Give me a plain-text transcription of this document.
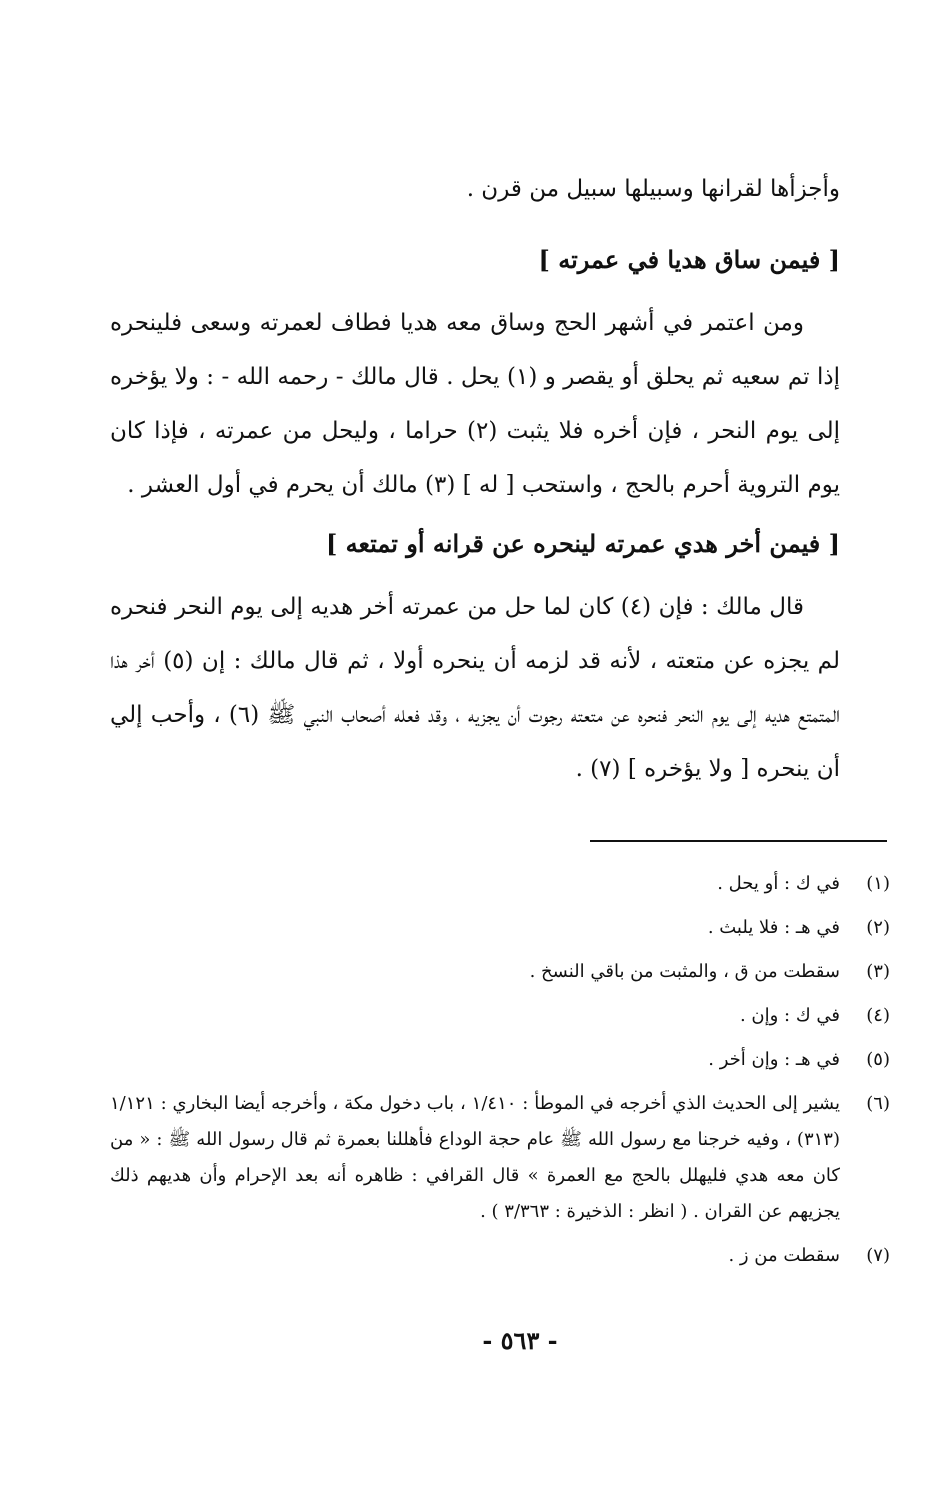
وأجزأها لقرانها وسبيلها سبيل من قرن .
[ فيمن ساق هديا في عمرته ]
ومن اعتمر في أشهر الحج وساق معه هديا فطاف لعمرته وسعى فلينحره إذا تم سعيه ثم يحلق أو يقصر و (١) يحل . قال مالك - رحمه الله - : ولا يؤخره إلى يوم النحر ، فإن أخره فلا يثبت (٢) حراما ، وليحل من عمرته ، فإذا كان يوم التروية أحرم بالحج ، واستحب [ له ] (٣) مالك أن يحرم في أول العشر .
[ فيمن أخر هدي عمرته لينحره عن قرانه أو تمتعه ]
قال مالك : فإن (٤) كان لما حل من عمرته أخر هديه إلى يوم النحر فنحره لم يجزه عن متعته ، لأنه قد لزمه أن ينحره أولا ، ثم قال مالك : إن (٥) أخر هذا المتمتع هديه إلى يوم النحر فنحره عن متعته رجوت أن يجزيه ، وقد فعله أصحاب النبي ﷺ (٦) ، وأحب إلي أن ينحره [ ولا يؤخره ] (٧) .
(١)
في ك : أو يحل .
(٢)
في هـ : فلا يلبث .
(٣)
سقطت من ق ، والمثبت من باقي النسخ .
(٤)
في ك : وإن .
(٥)
في هـ : وإن أخر .
(٦)
يشير إلى الحديث الذي أخرجه في الموطأ : ١/٤١٠ ، باب دخول مكة ، وأخرجه أيضا البخاري : ١/١٢١ (٣١٣) ، وفيه خرجنا مع رسول الله ﷺ عام حجة الوداع فأهللنا بعمرة ثم قال رسول الله ﷺ : « من كان معه هدي فليهلل بالحج مع العمرة » قال القرافي : ظاهره أنه بعد الإحرام وأن هديهم ذلك يجزيهم عن القران . ( انظر : الذخيرة : ٣/٣٦٣ ) .
(٧)
سقطت من ز .
- ٥٦٣ -
